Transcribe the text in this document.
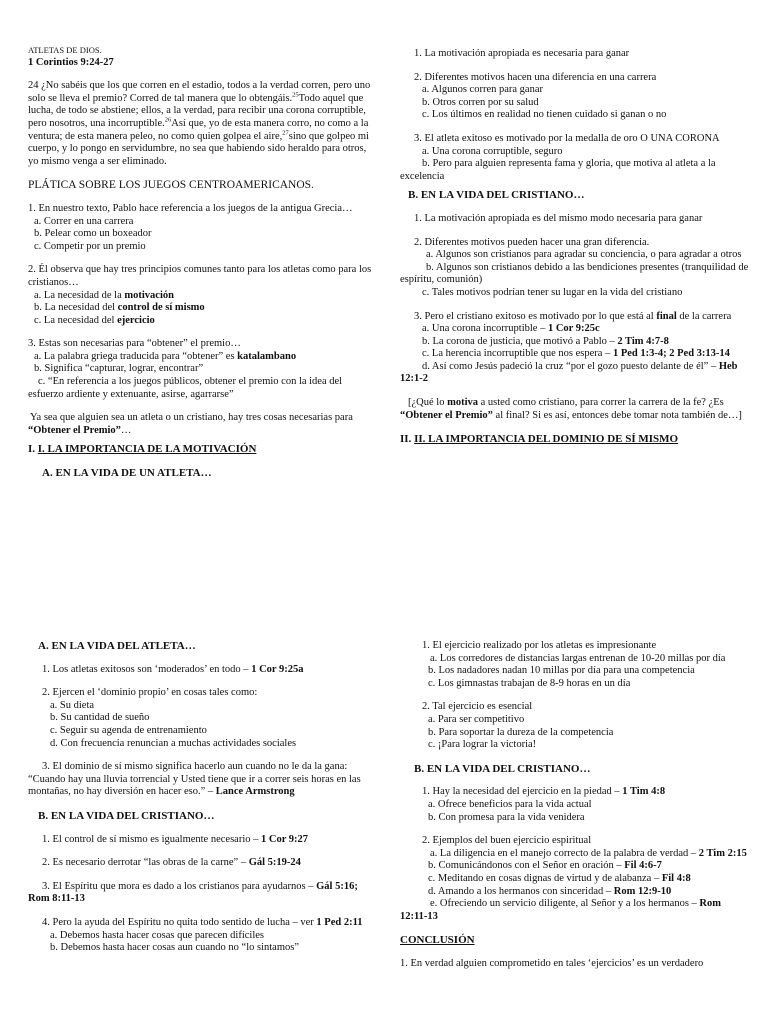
ATLETAS DE DIOS.

1 Corintios 9:24-27

24 ¿No sabéis que los que corren en el estadio, todos a la verdad corren, pero uno solo se lleva el premio? Corred de tal manera que lo obtengáis.$^{25}$Todo aquel que lucha, de todo se abstiene; ellos, a la verdad, para recibir una corona corruptible, pero nosotros, una incorruptible.$^{26}$Así que, yo de esta manera corro, no como a la ventura; de esta manera peleo, no como quien golpea el aire,$^{27}$sino que golpeo mi cuerpo, y lo pongo en servidumbre, no sea que habiendo sido heraldo para otros, yo mismo venga a ser eliminado.

PLÁTICA SOBRE LOS JUEGOS CENTROAMERICANOS.

1. En nuestro texto, Pablo hace referencia a los juegos de la antigua Grecia…

a. Correr en una carrera

b. Pelear como un boxeador

c. Competir por un premio

2. Él observa que hay tres principios comunes tanto para los atletas como para los cristianos…

a. La necesidad de la motivación

b. La necesidad del control de sí mismo

c. La necesidad del ejercicio

3. Estas son necesarias para “obtener” el premio…

a. La palabra griega traducida para “obtener” es katalambano

b. Significa “capturar, lograr, encontrar”

c. “En referencia a los juegos públicos, obtener el premio con la idea del esfuerzo ardiente y extenuante, asirse, agarrarse”

Ya sea que alguien sea un atleta o un cristiano, hay tres cosas necesarias para “Obtener el Premio”…

I. I. LA IMPORTANCIA DE LA MOTIVACIÓN

A. EN LA VIDA DE UN ATLETA…

1. La motivación apropiada es necesaria para ganar

2. Diferentes motivos hacen una diferencia en una carrera

a. Algunos corren para ganar

b. Otros corren por su salud

c. Los últimos en realidad no tienen cuidado si ganan o no

3. El atleta exitoso es motivado por la medalla de oro O UNA CORONA

a. Una corona corruptible, seguro

b. Pero para alguien representa fama y gloria, que motiva al atleta a la excelencia

B. EN LA VIDA DEL CRISTIANO…

1. La motivación apropiada es del mismo modo necesaria para ganar

2. Diferentes motivos pueden hacer una gran diferencia.

a. Algunos son cristianos para agradar su conciencia, o para agradar a otros

b. Algunos son cristianos debido a las bendiciones presentes (tranquilidad de espíritu, comunión)

c. Tales motivos podrían tener su lugar en la vida del cristiano

3. Pero el cristiano exitoso es motivado por lo que está al final de la carrera

a. Una corona incorruptible – 1 Cor 9:25c

b. La corona de justicia, que motivó a Pablo – 2 Tim 4:7-8

c. La herencia incorruptible que nos espera – 1 Ped 1:3-4; 2 Ped 3:13-14

d. Así como Jesús padeció la cruz “por el gozo puesto delante de él” – Heb 12:1-2

[¿Qué lo motiva a usted como cristiano, para correr la carrera de la fe? ¿Es “Obtener el Premio” al final? Si es así, entonces debe tomar nota también de…]

II. II. LA IMPORTANCIA DEL DOMINIO DE SÍ MISMO

A. EN LA VIDA DEL ATLETA…

1. Los atletas exitosos son ‘moderados’ en todo – 1 Cor 9:25a

2. Ejercen el ‘dominio propio’ en cosas tales como:

a. Su dieta

b. Su cantidad de sueño

c. Seguir su agenda de entrenamiento

d. Con frecuencia renuncian a muchas actividades sociales

3. El dominio de sí mismo significa hacerlo aun cuando no le da la gana: “Cuando hay una lluvia torrencial y Usted tiene que ir a correr seis horas en las montañas, no hay diversión en hacer eso.” – Lance Armstrong

B. EN LA VIDA DEL CRISTIANO…

1. El control de sí mismo es igualmente necesario – 1 Cor 9:27

2. Es necesario derrotar “las obras de la carne” – Gál 5:19-24

3. El Espíritu que mora es dado a los cristianos para ayudarnos – Gál 5:16; Rom 8:11-13

4. Pero la ayuda del Espíritu no quita todo sentido de lucha – ver 1 Ped 2:11

a. Debemos hasta hacer cosas que parecen difíciles

b. Debemos hasta hacer cosas aun cuando no “lo sintamos”

1. El ejercicio realizado por los atletas es impresionante

a. Los corredores de distancias largas entrenan de 10-20 millas por día

b. Los nadadores nadan 10 millas por día para una competencia

c. Los gimnastas trabajan de 8-9 horas en un día

2. Tal ejercicio es esencial

a. Para ser competitivo

b. Para soportar la dureza de la competencia

c. ¡Para lograr la victoria!

B. EN LA VIDA DEL CRISTIANO…

1. Hay la necesidad del ejercicio en la piedad – 1 Tim 4:8

a. Ofrece beneficios para la vida actual

b. Con promesa para la vida venidera

2. Ejemplos del buen ejercicio espiritual

a. La diligencia en el manejo correcto de la palabra de verdad – 2 Tim 2:15

b. Comunicándonos con el Señor en oración – Fil 4:6-7

c. Meditando en cosas dignas de virtud y de alabanza – Fil 4:8

d. Amando a los hermanos con sinceridad – Rom 12:9-10

e. Ofreciendo un servicio diligente, al Señor y a los hermanos – Rom 12:11-13

CONCLUSIÓN

1. En verdad alguien comprometido en tales ‘ejercicios’ es un verdadero
